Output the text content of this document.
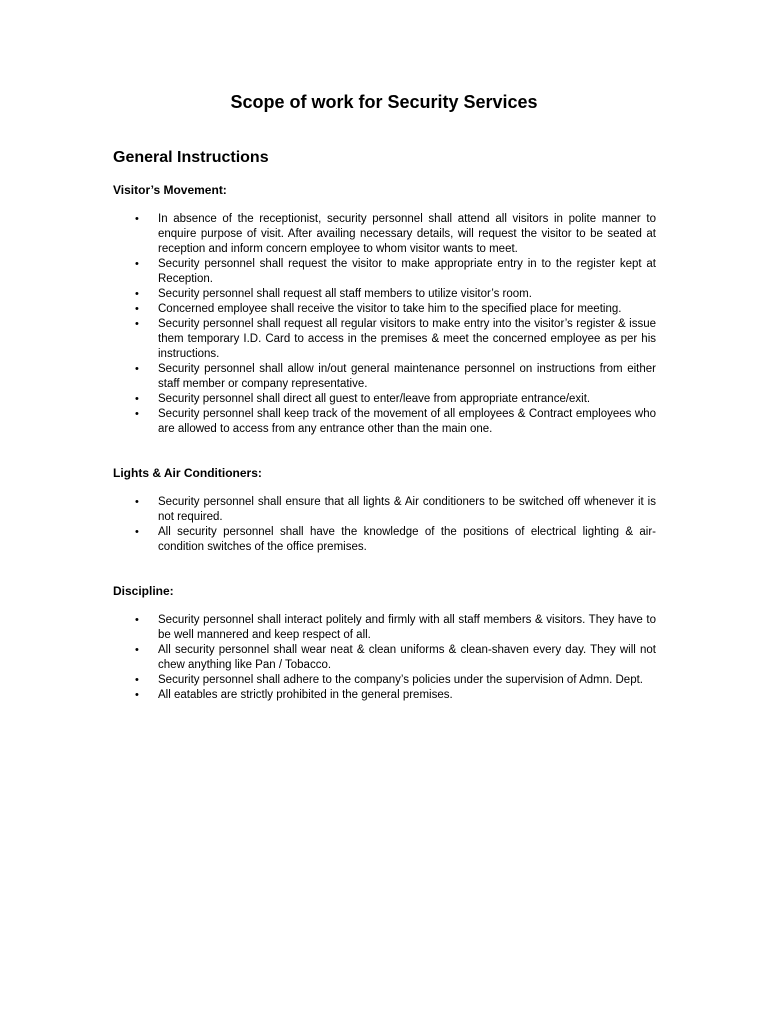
Scope of work for Security Services
General Instructions
Visitor’s Movement:
• In absence of the receptionist, security personnel shall attend all visitors in polite manner to enquire purpose of visit. After availing necessary details, will request the visitor to be seated at reception and inform concern employee to whom visitor wants to meet.
• Security personnel shall request the visitor to make appropriate entry in to the register kept at Reception.
• Security personnel shall request all staff members to utilize visitor’s room.
• Concerned employee shall receive the visitor to take him to the specified place for meeting.
• Security personnel shall request all regular visitors to make entry into the visitor’s register & issue them temporary I.D. Card to access in the premises & meet the concerned employee as per his instructions.
• Security personnel shall allow in/out general maintenance personnel on instructions from either staff member or company representative.
• Security personnel shall direct all guest to enter/leave from appropriate entrance/exit.
• Security personnel shall keep track of the movement of all employees & Contract employees who are allowed to access from any entrance other than the main one.
Lights & Air Conditioners:
• Security personnel shall ensure that all lights & Air conditioners to be switched off whenever it is not required.
• All security personnel shall have the knowledge of the positions of electrical lighting & air-condition switches of the office premises.
Discipline:
• Security personnel shall interact politely and firmly with all staff members & visitors. They have to be well mannered and keep respect of all.
• All security personnel shall wear neat & clean uniforms & clean-shaven every day. They will not chew anything like Pan / Tobacco.
• Security personnel shall adhere to the company’s policies under the supervision of Admn. Dept.
• All eatables are strictly prohibited in the general premises.
